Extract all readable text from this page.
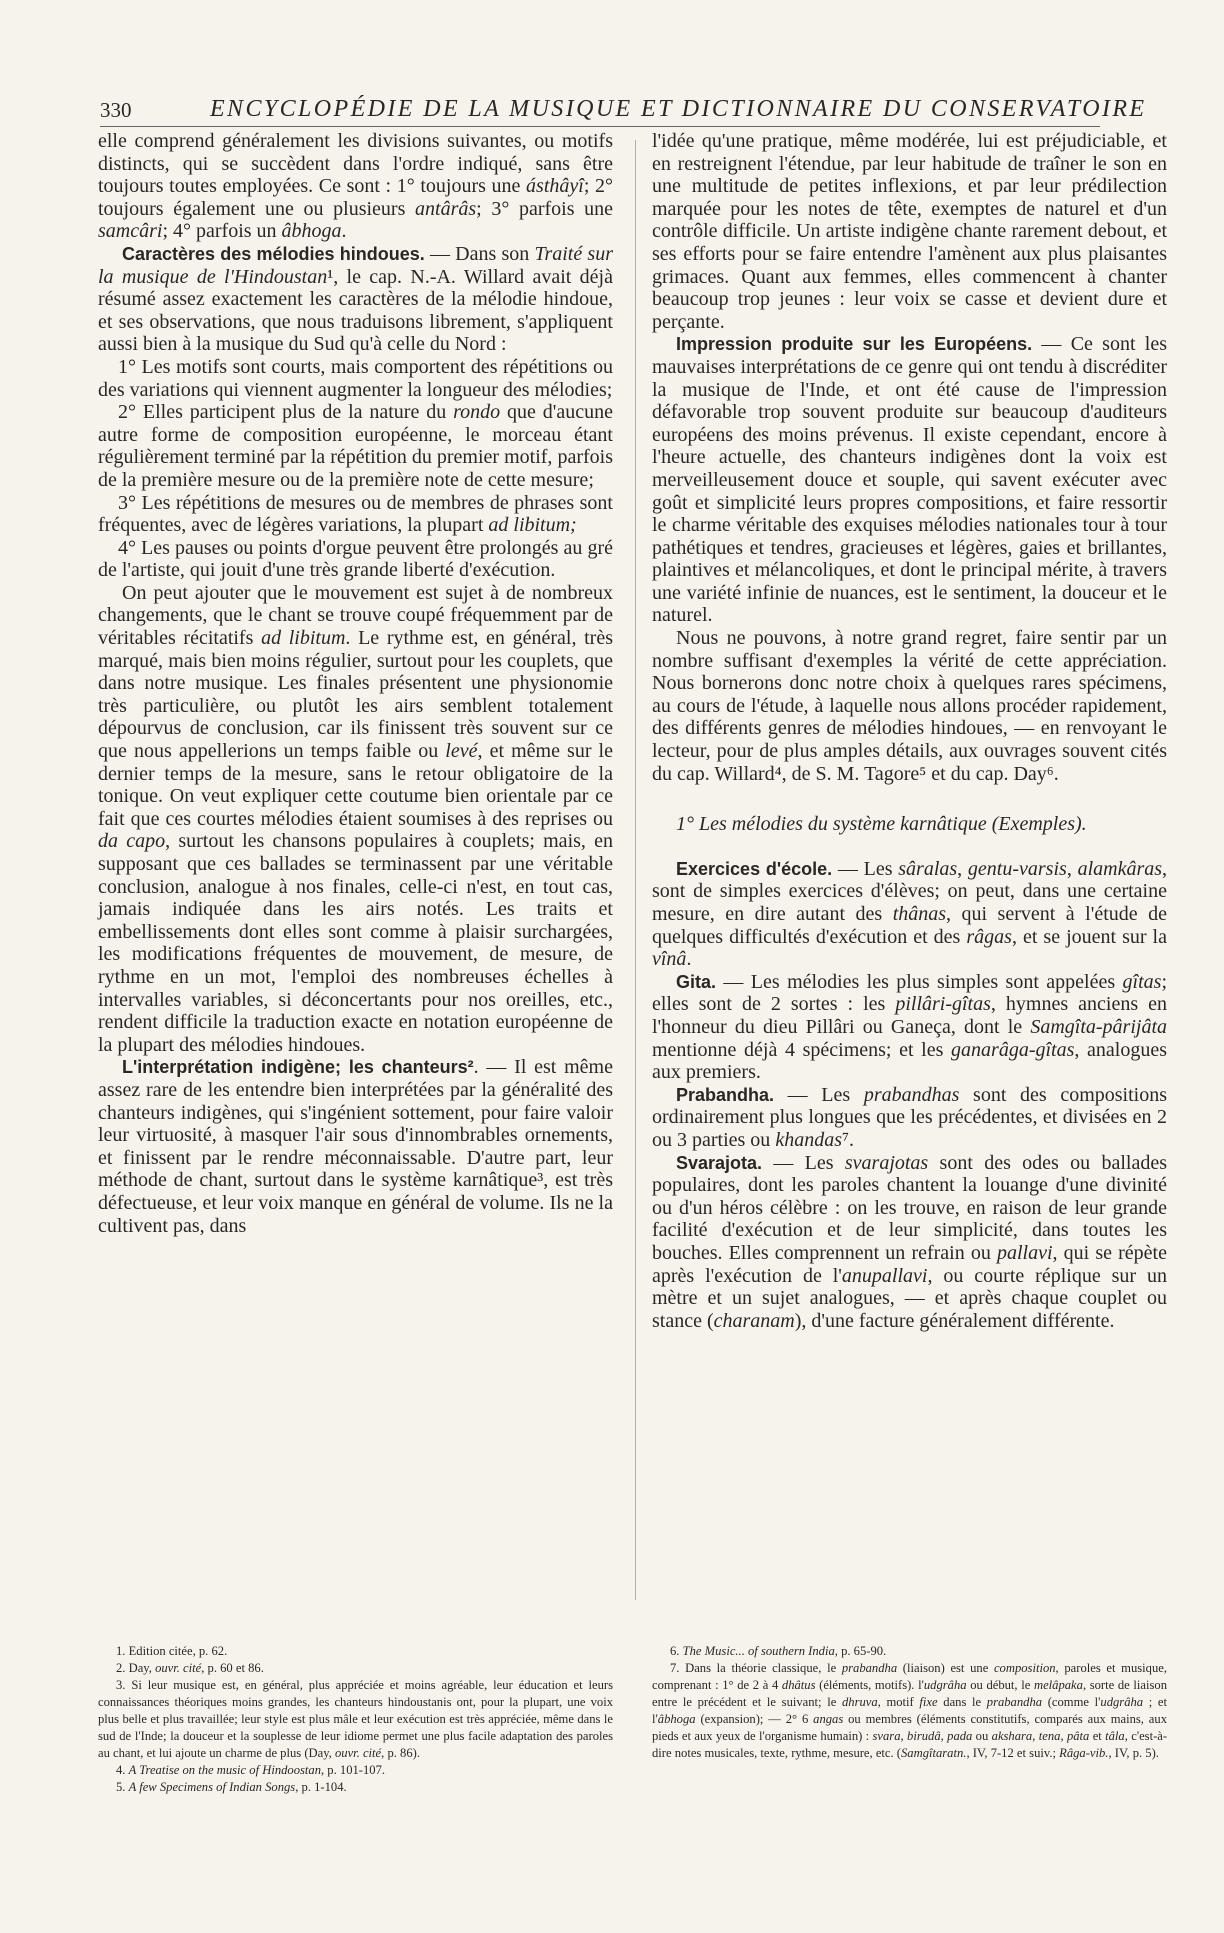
330	ENCYCLOPÉDIE DE LA MUSIQUE ET DICTIONNAIRE DU CONSERVATOIRE

elle comprend généralement les divisions suivantes, ou motifs distincts, qui se succèdent dans l'ordre indiqué, sans être toujours toutes employées. Ce sont : 1° toujours une ásthâyî; 2° toujours également une ou plusieurs antârâs; 3° parfois une samcâri; 4° parfois un âbhoga.

Caractères des mélodies hindoues. — Dans son Traité sur la musique de l'Hindoustan¹, le cap. N.-A. Willard avait déjà résumé assez exactement les caractères de la mélodie hindoue, et ses observations, que nous traduisons librement, s'appliquent aussi bien à la musique du Sud qu'à celle du Nord :

1° Les motifs sont courts, mais comportent des répétitions ou des variations qui viennent augmenter la longueur des mélodies;

2° Elles participent plus de la nature du rondo que d'aucune autre forme de composition européenne, le morceau étant régulièrement terminé par la répétition du premier motif, parfois de la première mesure ou de la première note de cette mesure;

3° Les répétitions de mesures ou de membres de phrases sont fréquentes, avec de légères variations, la plupart ad libitum;

4° Les pauses ou points d'orgue peuvent être prolongés au gré de l'artiste, qui jouit d'une très grande liberté d'exécution.

On peut ajouter que le mouvement est sujet à de nombreux changements, que le chant se trouve coupé fréquemment par de véritables récitatifs ad libitum. Le rythme est, en général, très marqué, mais bien moins régulier, surtout pour les couplets, que dans notre musique. Les finales présentent une physionomie très particulière, ou plutôt les airs semblent totalement dépourvus de conclusion, car ils finissent très souvent sur ce que nous appellerions un temps faible ou levé, et même sur le dernier temps de la mesure, sans le retour obligatoire de la tonique. On veut expliquer cette coutume bien orientale par ce fait que ces courtes mélodies étaient soumises à des reprises ou da capo, surtout les chansons populaires à couplets; mais, en supposant que ces ballades se terminassent par une véritable conclusion, analogue à nos finales, celle-ci n'est, en tout cas, jamais indiquée dans les airs notés. Les traits et embellissements dont elles sont comme à plaisir surchargées, les modifications fréquentes de mouvement, de mesure, de rythme en un mot, l'emploi des nombreuses échelles à intervalles variables, si déconcertants pour nos oreilles, etc., rendent difficile la traduction exacte en notation européenne de la plupart des mélodies hindoues.

L'interprétation indigène; les chanteurs². — Il est même assez rare de les entendre bien interprétées par la généralité des chanteurs indigènes, qui s'ingénient sottement, pour faire valoir leur virtuosité, à masquer l'air sous d'innombrables ornements, et finissent par le rendre méconnaissable. D'autre part, leur méthode de chant, surtout dans le système karnâtique³, est très défectueuse, et leur voix manque en général de volume. Ils ne la cultivent pas, dans

l'idée qu'une pratique, même modérée, lui est préjudiciable, et en restreignent l'étendue, par leur habitude de traîner le son en une multitude de petites inflexions, et par leur prédilection marquée pour les notes de tête, exemptes de naturel et d'un contrôle difficile. Un artiste indigène chante rarement debout, et ses efforts pour se faire entendre l'amènent aux plus plaisantes grimaces. Quant aux femmes, elles commencent à chanter beaucoup trop jeunes : leur voix se casse et devient dure et perçante.

Impression produite sur les Européens. — Ce sont les mauvaises interprétations de ce genre qui ont tendu à discréditer la musique de l'Inde, et ont été cause de l'impression défavorable trop souvent produite sur beaucoup d'auditeurs européens des moins prévenus. Il existe cependant, encore à l'heure actuelle, des chanteurs indigènes dont la voix est merveilleusement douce et souple, qui savent exécuter avec goût et simplicité leurs propres compositions, et faire ressortir le charme véritable des exquises mélodies nationales tour à tour pathétiques et tendres, gracieuses et légères, gaies et brillantes, plaintives et mélancoliques, et dont le principal mérite, à travers une variété infinie de nuances, est le sentiment, la douceur et le naturel.

Nous ne pouvons, à notre grand regret, faire sentir par un nombre suffisant d'exemples la vérité de cette appréciation. Nous bornerons donc notre choix à quelques rares spécimens, au cours de l'étude, à laquelle nous allons procéder rapidement, des différents genres de mélodies hindoues, — en renvoyant le lecteur, pour de plus amples détails, aux ouvrages souvent cités du cap. Willard⁴, de S. M. Tagore⁵ et du cap. Day⁶.

1° Les mélodies du système karnâtique (Exemples).

Exercices d'école. — Les sâralas, gentu-varsis, alamkâras, sont de simples exercices d'élèves; on peut, dans une certaine mesure, en dire autant des thânas, qui servent à l'étude de quelques difficultés d'exécution et des râgas, et se jouent sur la vînâ.

Gita. — Les mélodies les plus simples sont appelées gîtas; elles sont de 2 sortes : les pillâri-gîtas, hymnes anciens en l'honneur du dieu Pillâri ou Ganeça, dont le Samgîta-pârijâta mentionne déjà 4 spécimens; et les ganarâga-gîtas, analogues aux premiers.

Prabandha. — Les prabandhas sont des compositions ordinairement plus longues que les précédentes, et divisées en 2 ou 3 parties ou khandas⁷.

Svarajota. — Les svarajotas sont des odes ou ballades populaires, dont les paroles chantent la louange d'une divinité ou d'un héros célèbre : on les trouve, en raison de leur grande facilité d'exécution et de leur simplicité, dans toutes les bouches. Elles comprennent un refrain ou pallavi, qui se répète après l'exécution de l'anupallavi, ou courte réplique sur un mètre et un sujet analogues, — et après chaque couplet ou stance (charanam), d'une facture généralement différente.

1. Edition citée, p. 62.

2. Day, ouvr. cité, p. 60 et 86.

3. Si leur musique est, en général, plus appréciée et moins agréable, leur éducation et leurs connaissances théoriques moins grandes, les chanteurs hindoustanis ont, pour la plupart, une voix plus belle et plus travaillée; leur style est plus mâle et leur exécution est très appréciée, même dans le sud de l'Inde; la douceur et la souplesse de leur idiome permet une plus facile adaptation des paroles au chant, et lui ajoute un charme de plus (Day, ouvr. cité, p. 86).

4. A Treatise on the music of Hindoostan, p. 101-107.

5. A few Specimens of Indian Songs, p. 1-104.

6. The Music... of southern India, p. 65-90.

7. Dans la théorie classique, le prabandha (liaison) est une composition, paroles et musique, comprenant : 1° de 2 à 4 dhâtus (éléments, motifs). l'udgrâha ou début, le melâpaka, sorte de liaison entre le précédent et le suivant; le dhruva, motif fixe dans le prabandha (comme l'udgrâha ; et l'âbhoga (expansion); — 2° 6 angas ou membres (éléments constitutifs, comparés aux mains, aux pieds et aux yeux de l'organisme humain) : svara, birudâ, pada ou akshara, tena, pâta et tâla, c'est-à-dire notes musicales, texte, rythme, mesure, etc. (Samgîtaratn., IV, 7-12 et suiv.; Râga-vib., IV, p. 5).
